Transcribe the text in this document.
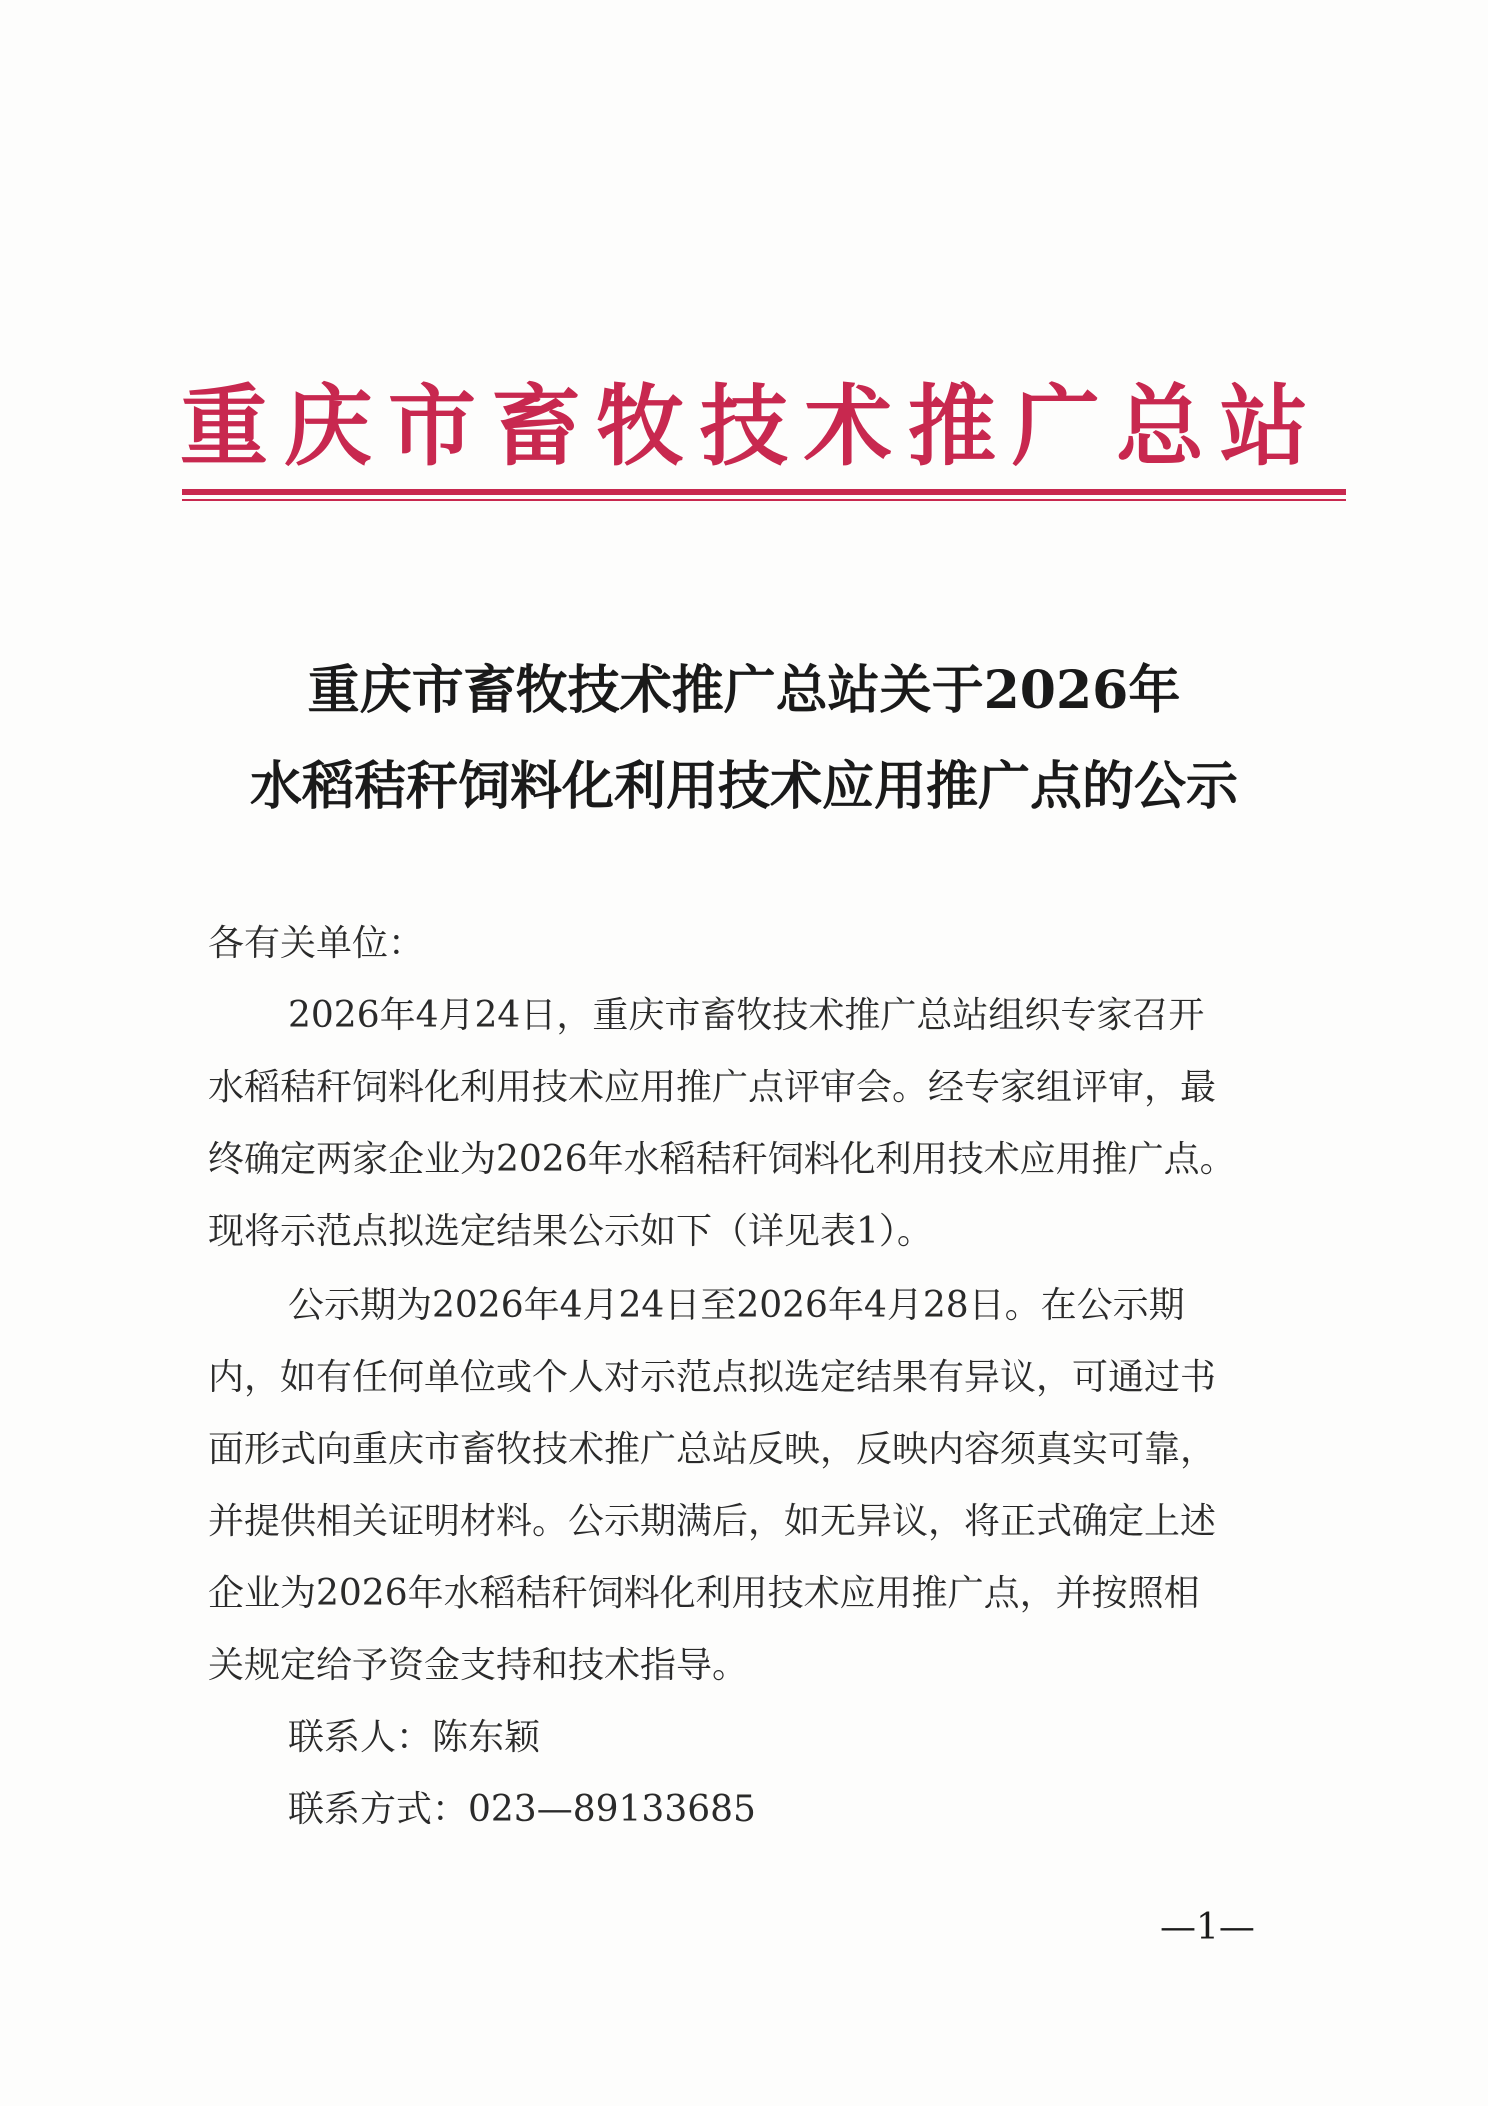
重 庆 市 畜 牧 技 术 推 广 总 站
重庆市畜牧技术推广总站关于2026年
水稻秸秆饲料化利用技术应用推广点的公示
各有关单位：
2026年4月24日，重庆市畜牧技术推广总站组织专家召开
水稻秸秆饲料化利用技术应用推广点评审会。经专家组评审，最
终确定两家企业为2026年水稻秸秆饲料化利用技术应用推广点。
现将示范点拟选定结果公示如下（详见表1）。
公示期为2026年4月24日至2026年4月28日。在公示期
内，如有任何单位或个人对示范点拟选定结果有异议，可通过书
面形式向重庆市畜牧技术推广总站反映，反映内容须真实可靠，
并提供相关证明材料。公示期满后，如无异议，将正式确定上述
企业为2026年水稻秸秆饲料化利用技术应用推广点，并按照相
关规定给予资金支持和技术指导。
联系人：陈东颖
联系方式：023—89133685
—1—
